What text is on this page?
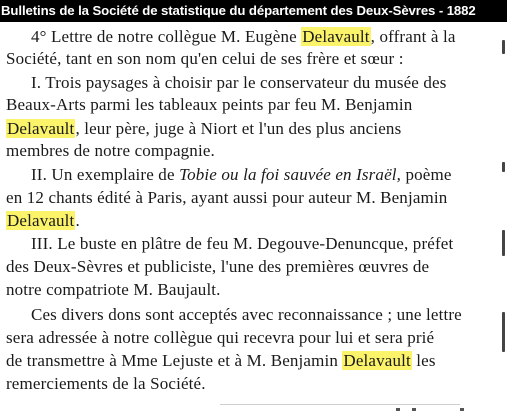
Bulletins de la Société de statistique du département des Deux-Sèvres - 1882
4° Lettre de notre collègue M. Eugène Delavault, offrant à la
Société, tant en son nom qu'en celui de ses frère et sœur :
I. Trois paysages à choisir par le conservateur du musée des
Beaux-Arts parmi les tableaux peints par feu M. Benjamin
Delavault, leur père, juge à Niort et l'un des plus anciens
membres de notre compagnie.
II. Un exemplaire de Tobie ou la foi sauvée en Israël, poème
en 12 chants édité à Paris, ayant aussi pour auteur M. Benjamin
Delavault.
III. Le buste en plâtre de feu M. Degouve-Denuncque, préfet
des Deux-Sèvres et publiciste, l'une des premières œuvres de
notre compatriote M. Baujault.
Ces divers dons sont acceptés avec reconnaissance ; une lettre
sera adressée à notre collègue qui recevra pour lui et sera prié
de transmettre à Mme Lejuste et à M. Benjamin Delavault les
remerciements de la Société.
